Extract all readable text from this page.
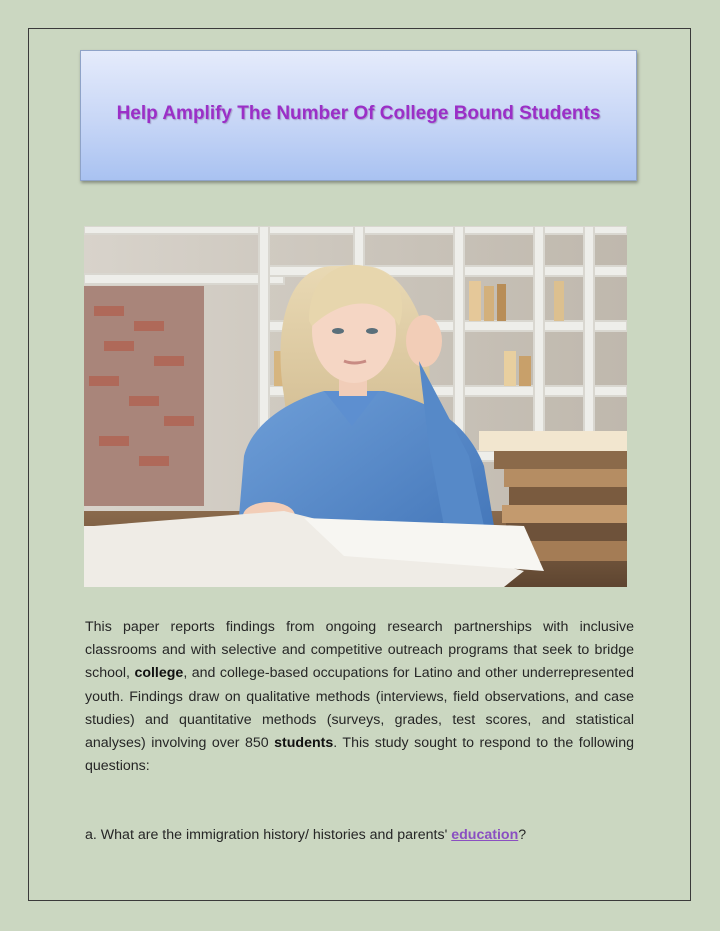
Help Amplify The Number Of College Bound Students
This paper reports findings from ongoing research partnerships with inclusive classrooms and with selective and competitive outreach programs that seek to bridge school, college, and college-based occupations for Latino and other underrepresented youth. Findings draw on qualitative methods (interviews, field observations, and case studies) and quantitative methods (surveys, grades, test scores, and statistical analyses) involving over 850 students. This study sought to respond to the following questions:
a. What are the immigration history/ histories and parents' education?
